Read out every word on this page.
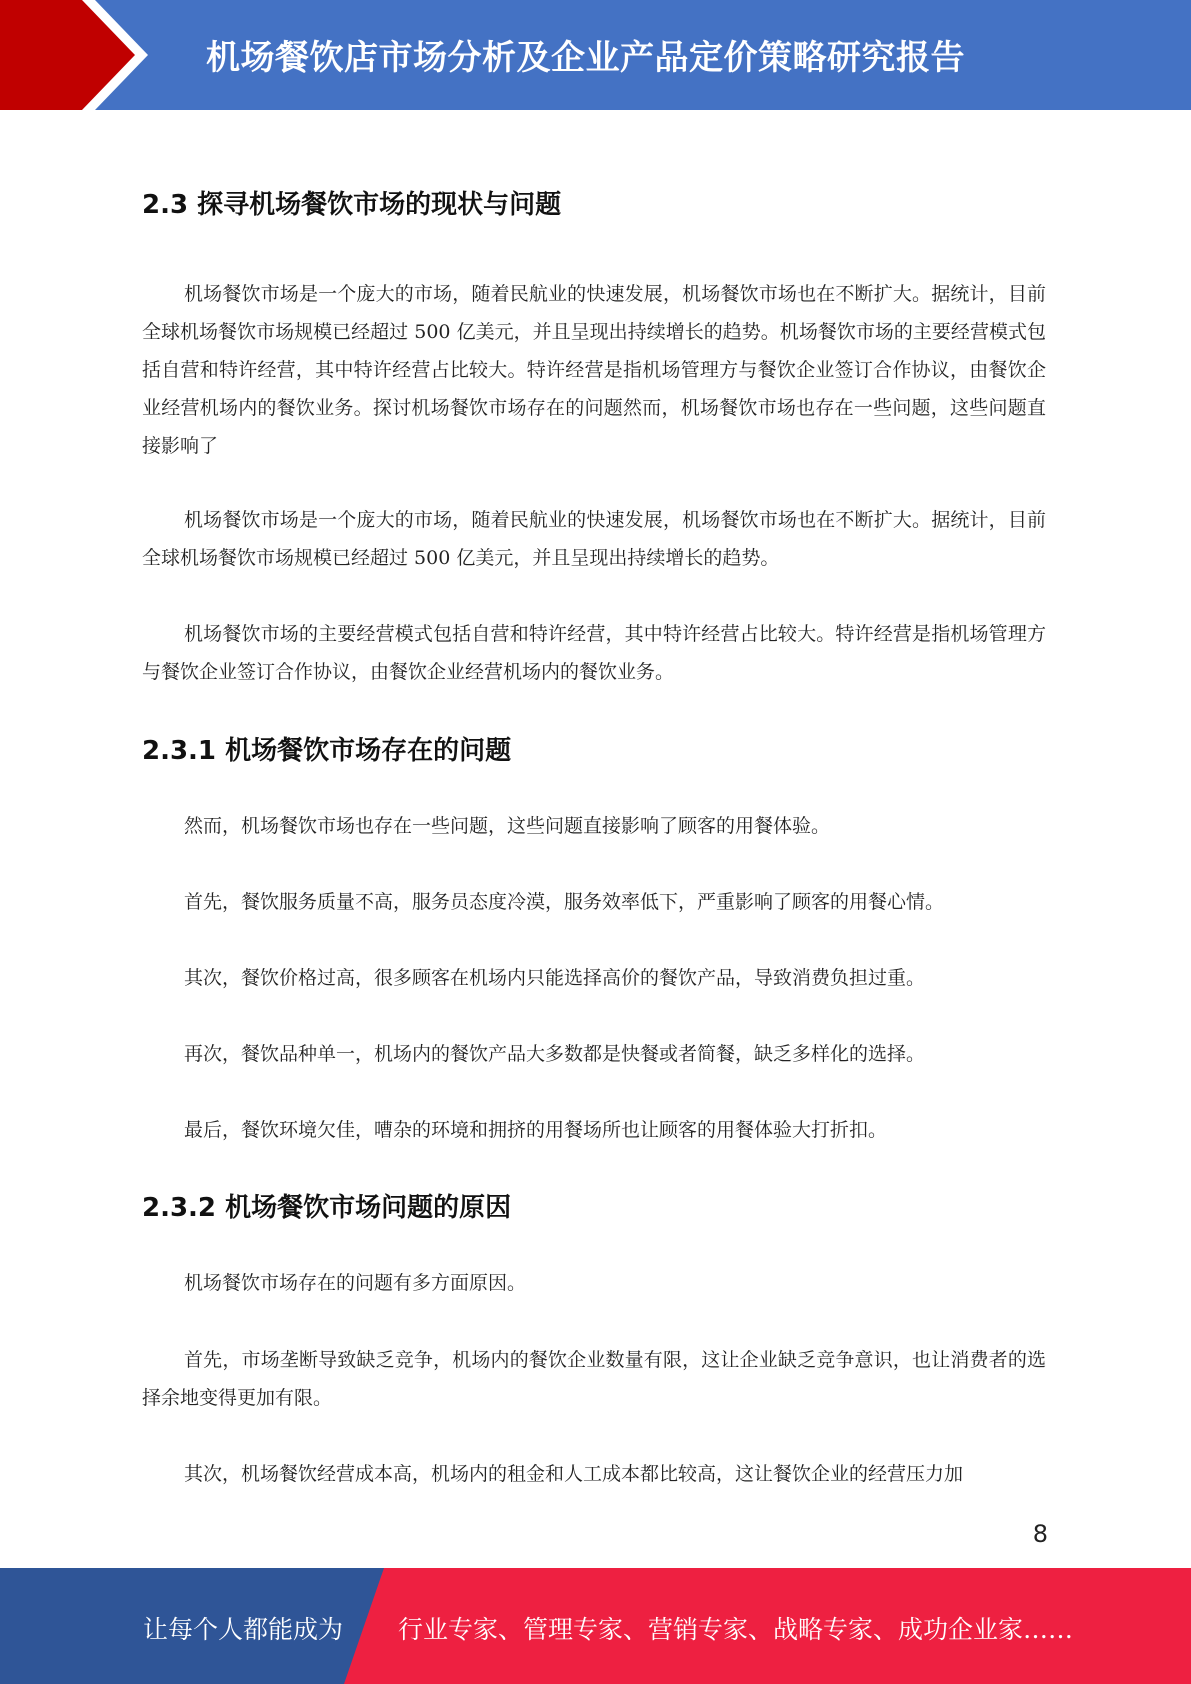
机场餐饮店市场分析及企业产品定价策略研究报告
2.3 探寻机场餐饮市场的现状与问题

机场餐饮市场是一个庞大的市场，随着民航业的快速发展，机场餐饮市场也在不断扩大。据统计，目前全球机场餐饮市场规模已经超过 500 亿美元，并且呈现出持续增长的趋势。机场餐饮市场的主要经营模式包括自营和特许经营，其中特许经营占比较大。特许经营是指机场管理方与餐饮企业签订合作协议，由餐饮企业经营机场内的餐饮业务。探讨机场餐饮市场存在的问题然而，机场餐饮市场也存在一些问题，这些问题直接影响了

机场餐饮市场是一个庞大的市场，随着民航业的快速发展，机场餐饮市场也在不断扩大。据统计，目前全球机场餐饮市场规模已经超过 500 亿美元，并且呈现出持续增长的趋势。

机场餐饮市场的主要经营模式包括自营和特许经营，其中特许经营占比较大。特许经营是指机场管理方与餐饮企业签订合作协议，由餐饮企业经营机场内的餐饮业务。

2.3.1 机场餐饮市场存在的问题

然而，机场餐饮市场也存在一些问题，这些问题直接影响了顾客的用餐体验。

首先，餐饮服务质量不高，服务员态度冷漠，服务效率低下，严重影响了顾客的用餐心情。

其次，餐饮价格过高，很多顾客在机场内只能选择高价的餐饮产品，导致消费负担过重。

再次，餐饮品种单一，机场内的餐饮产品大多数都是快餐或者简餐，缺乏多样化的选择。

最后，餐饮环境欠佳，嘈杂的环境和拥挤的用餐场所也让顾客的用餐体验大打折扣。

2.3.2 机场餐饮市场问题的原因

机场餐饮市场存在的问题有多方面原因。

首先，市场垄断导致缺乏竞争，机场内的餐饮企业数量有限，这让企业缺乏竞争意识，也让消费者的选择余地变得更加有限。

其次，机场餐饮经营成本高，机场内的租金和人工成本都比较高，这让餐饮企业的经营压力加

8
让每个人都能成为 行业专家、管理专家、营销专家、战略专家、成功企业家……
